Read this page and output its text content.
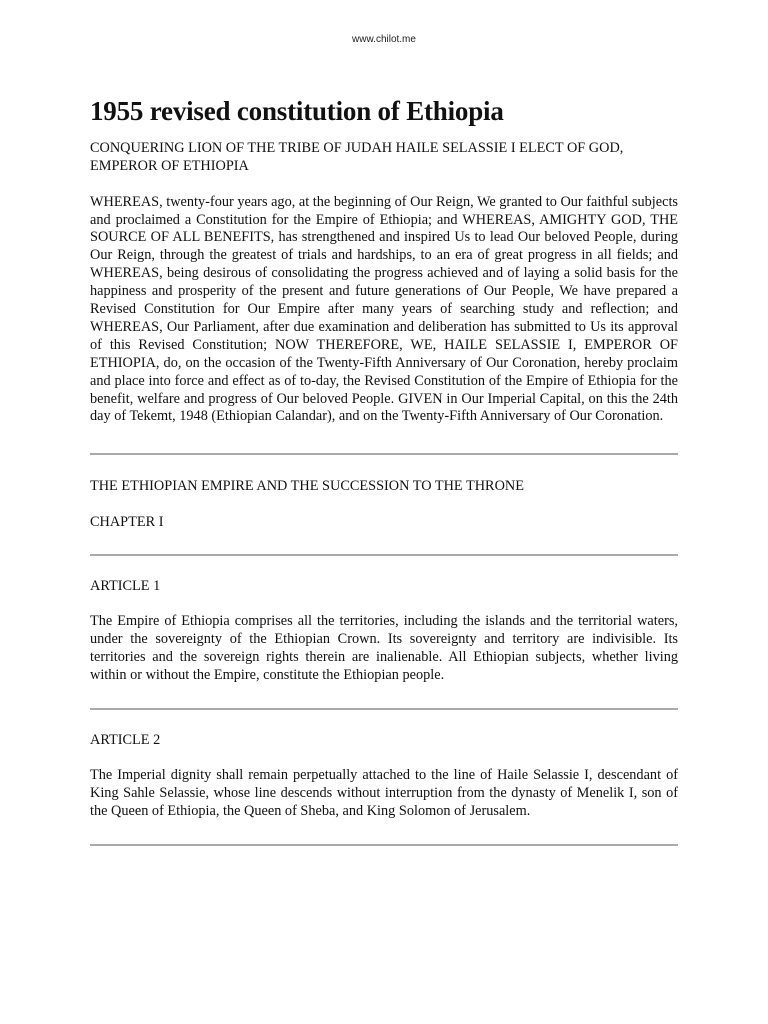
www.chilot.me
1955 revised constitution of Ethiopia
CONQUERING LION OF THE TRIBE OF JUDAH HAILE SELASSIE I ELECT OF GOD, EMPEROR OF ETHIOPIA

WHEREAS, twenty-four years ago, at the beginning of Our Reign, We granted to Our faithful subjects and proclaimed a Constitution for the Empire of Ethiopia; and WHEREAS, AMIGHTY GOD, THE SOURCE OF ALL BENEFITS, has strengthened and inspired Us to lead Our beloved People, during Our Reign, through the greatest of trials and hardships, to an era of great progress in all fields; and WHEREAS, being desirous of consolidating the progress achieved and of laying a solid basis for the happiness and prosperity of the present and future generations of Our People, We have prepared a Revised Constitution for Our Empire after many years of searching study and reflection; and WHEREAS, Our Parliament, after due examination and deliberation has submitted to Us its approval of this Revised Constitution; NOW THEREFORE, WE, HAILE SELASSIE I, EMPEROR OF ETHIOPIA, do, on the occasion of the Twenty-Fifth Anniversary of Our Coronation, hereby proclaim and place into force and effect as of to-day, the Revised Constitution of the Empire of Ethiopia for the benefit, welfare and progress of Our beloved People. GIVEN in Our Imperial Capital, on this the 24th day of Tekemt, 1948 (Ethiopian Calandar), and on the Twenty-Fifth Anniversary of Our Coronation.

THE ETHIOPIAN EMPIRE AND THE SUCCESSION TO THE THRONE
CHAPTER I
ARTICLE 1

The Empire of Ethiopia comprises all the territories, including the islands and the territorial waters, under the sovereignty of the Ethiopian Crown. Its sovereignty and territory are indivisible. Its territories and the sovereign rights therein are inalienable. All Ethiopian subjects, whether living within or without the Empire, constitute the Ethiopian people.

ARTICLE 2

The Imperial dignity shall remain perpetually attached to the line of Haile Selassie I, descendant of King Sahle Selassie, whose line descends without interruption from the dynasty of Menelik I, son of the Queen of Ethiopia, the Queen of Sheba, and King Solomon of Jerusalem.
